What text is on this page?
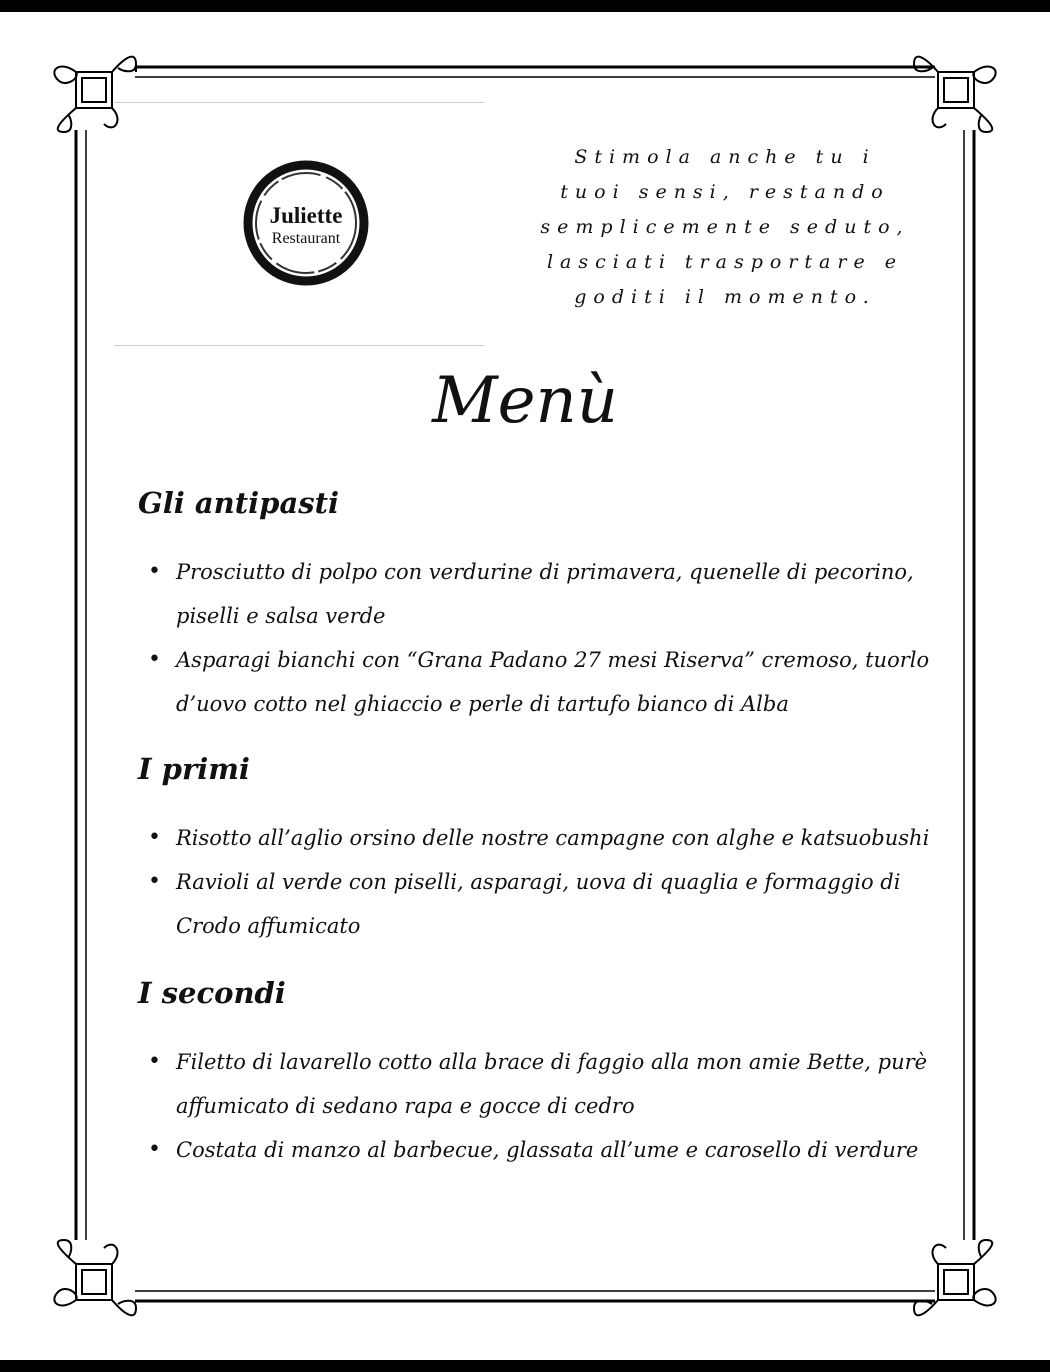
Juliette
Restaurant
Stimola anche tu i
tuoi sensi, restando
semplicemente seduto,
lasciati trasportare e
goditi il momento.
Menù
Gli antipasti
• Prosciutto di polpo con verdurine di primavera, quenelle di pecorino, piselli e salsa verde
• Asparagi bianchi con “Grana Padano 27 mesi Riserva” cremoso, tuorlo d’uovo cotto nel ghiaccio e perle di tartufo bianco di Alba
I primi
• Risotto all’aglio orsino delle nostre campagne con alghe e katsuobushi
• Ravioli al verde con piselli, asparagi, uova di quaglia e formaggio di Crodo affumicato
I secondi
• Filetto di lavarello cotto alla brace di faggio alla mon amie Bette, purè affumicato di sedano rapa e gocce di cedro
• Costata di manzo al barbecue, glassata all’ume e carosello di verdure
